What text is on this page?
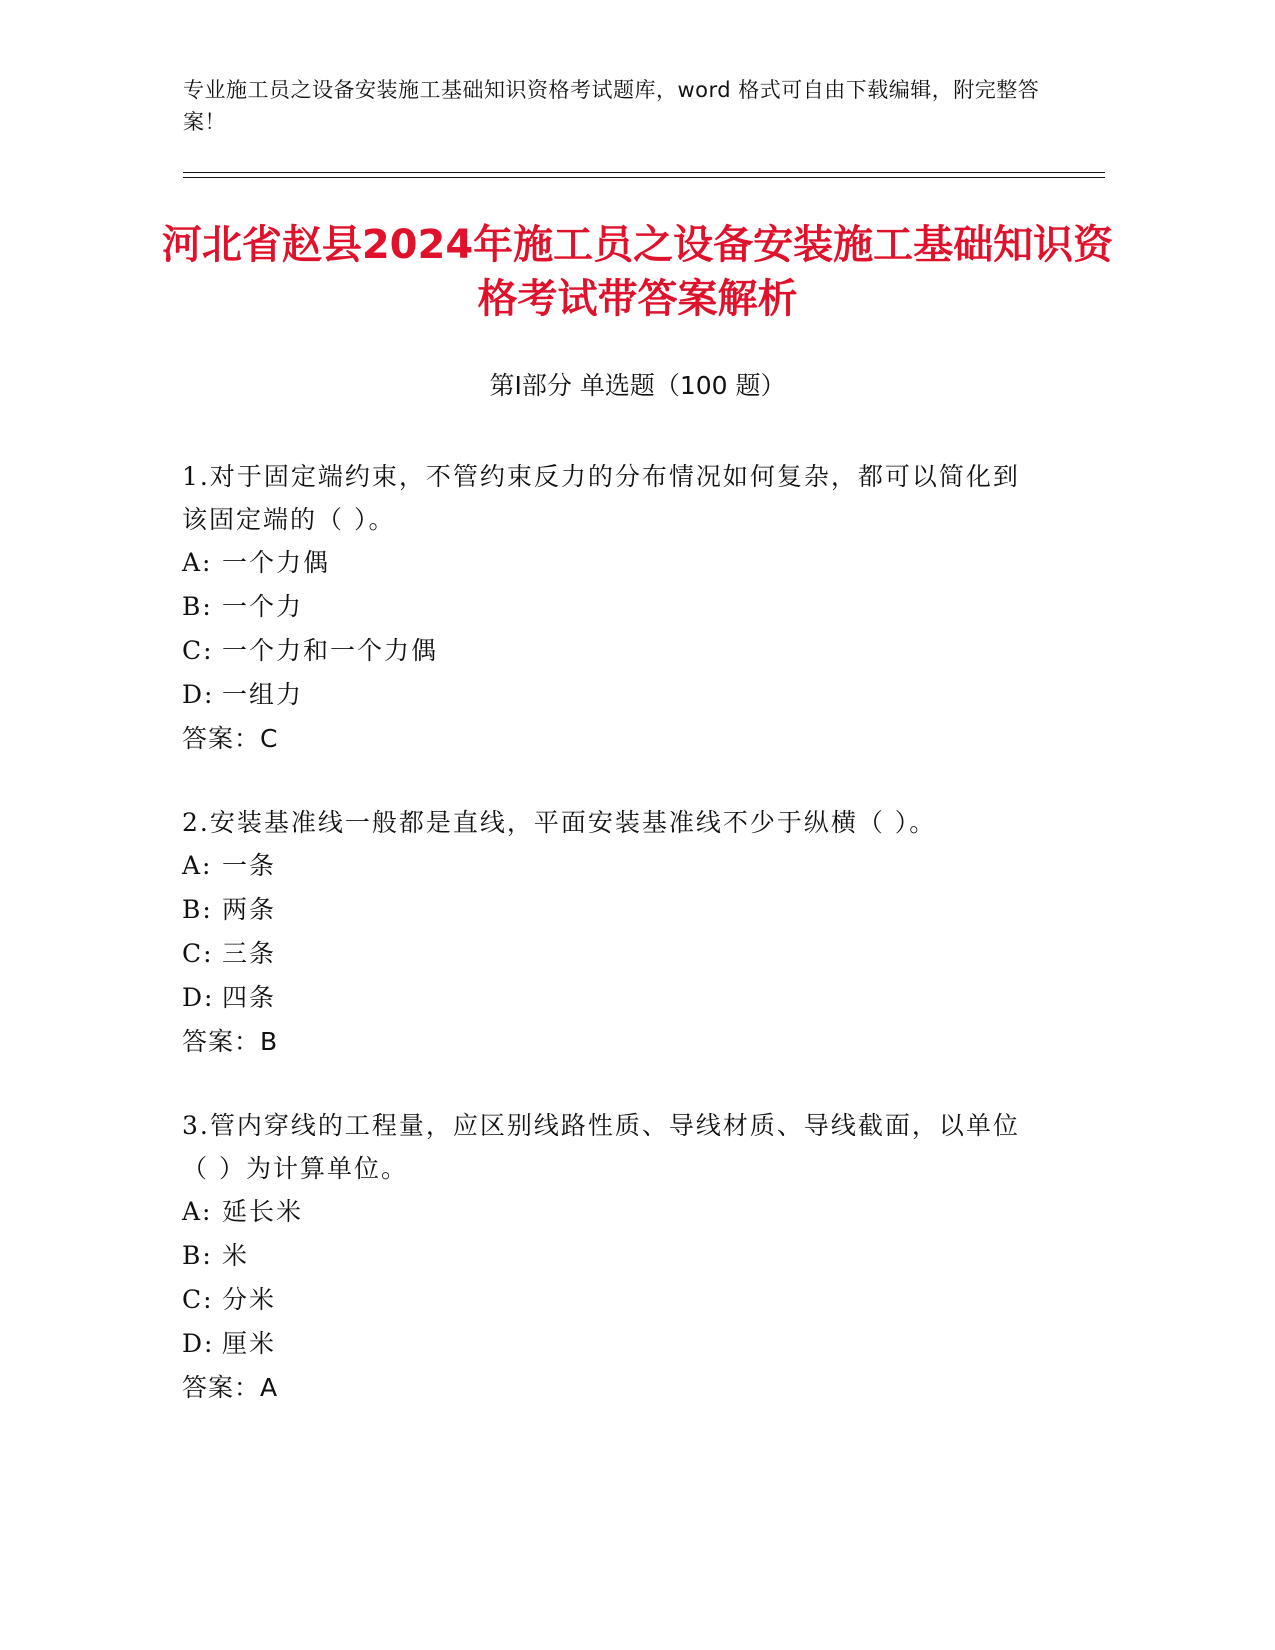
专业施工员之设备安装施工基础知识资格考试题库，word 格式可自由下载编辑，附完整答案！
河北省赵县2024年施工员之设备安装施工基础知识资格考试带答案解析
第Ⅰ部分 单选题（100 题）

1.对于固定端约束，不管约束反力的分布情况如何复杂，都可以简化到该固定端的（ ）。

A: 一个力偶
B: 一个力
C: 一个力和一个力偶
D: 一组力
答案：C

2.安装基准线一般都是直线，平面安装基准线不少于纵横（ ）。

A: 一条
B: 两条
C: 三条
D: 四条
答案：B

3.管内穿线的工程量，应区别线路性质、导线材质、导线截面，以单位（ ）为计算单位。

A: 延长米
B: 米
C: 分米
D: 厘米
答案：A
